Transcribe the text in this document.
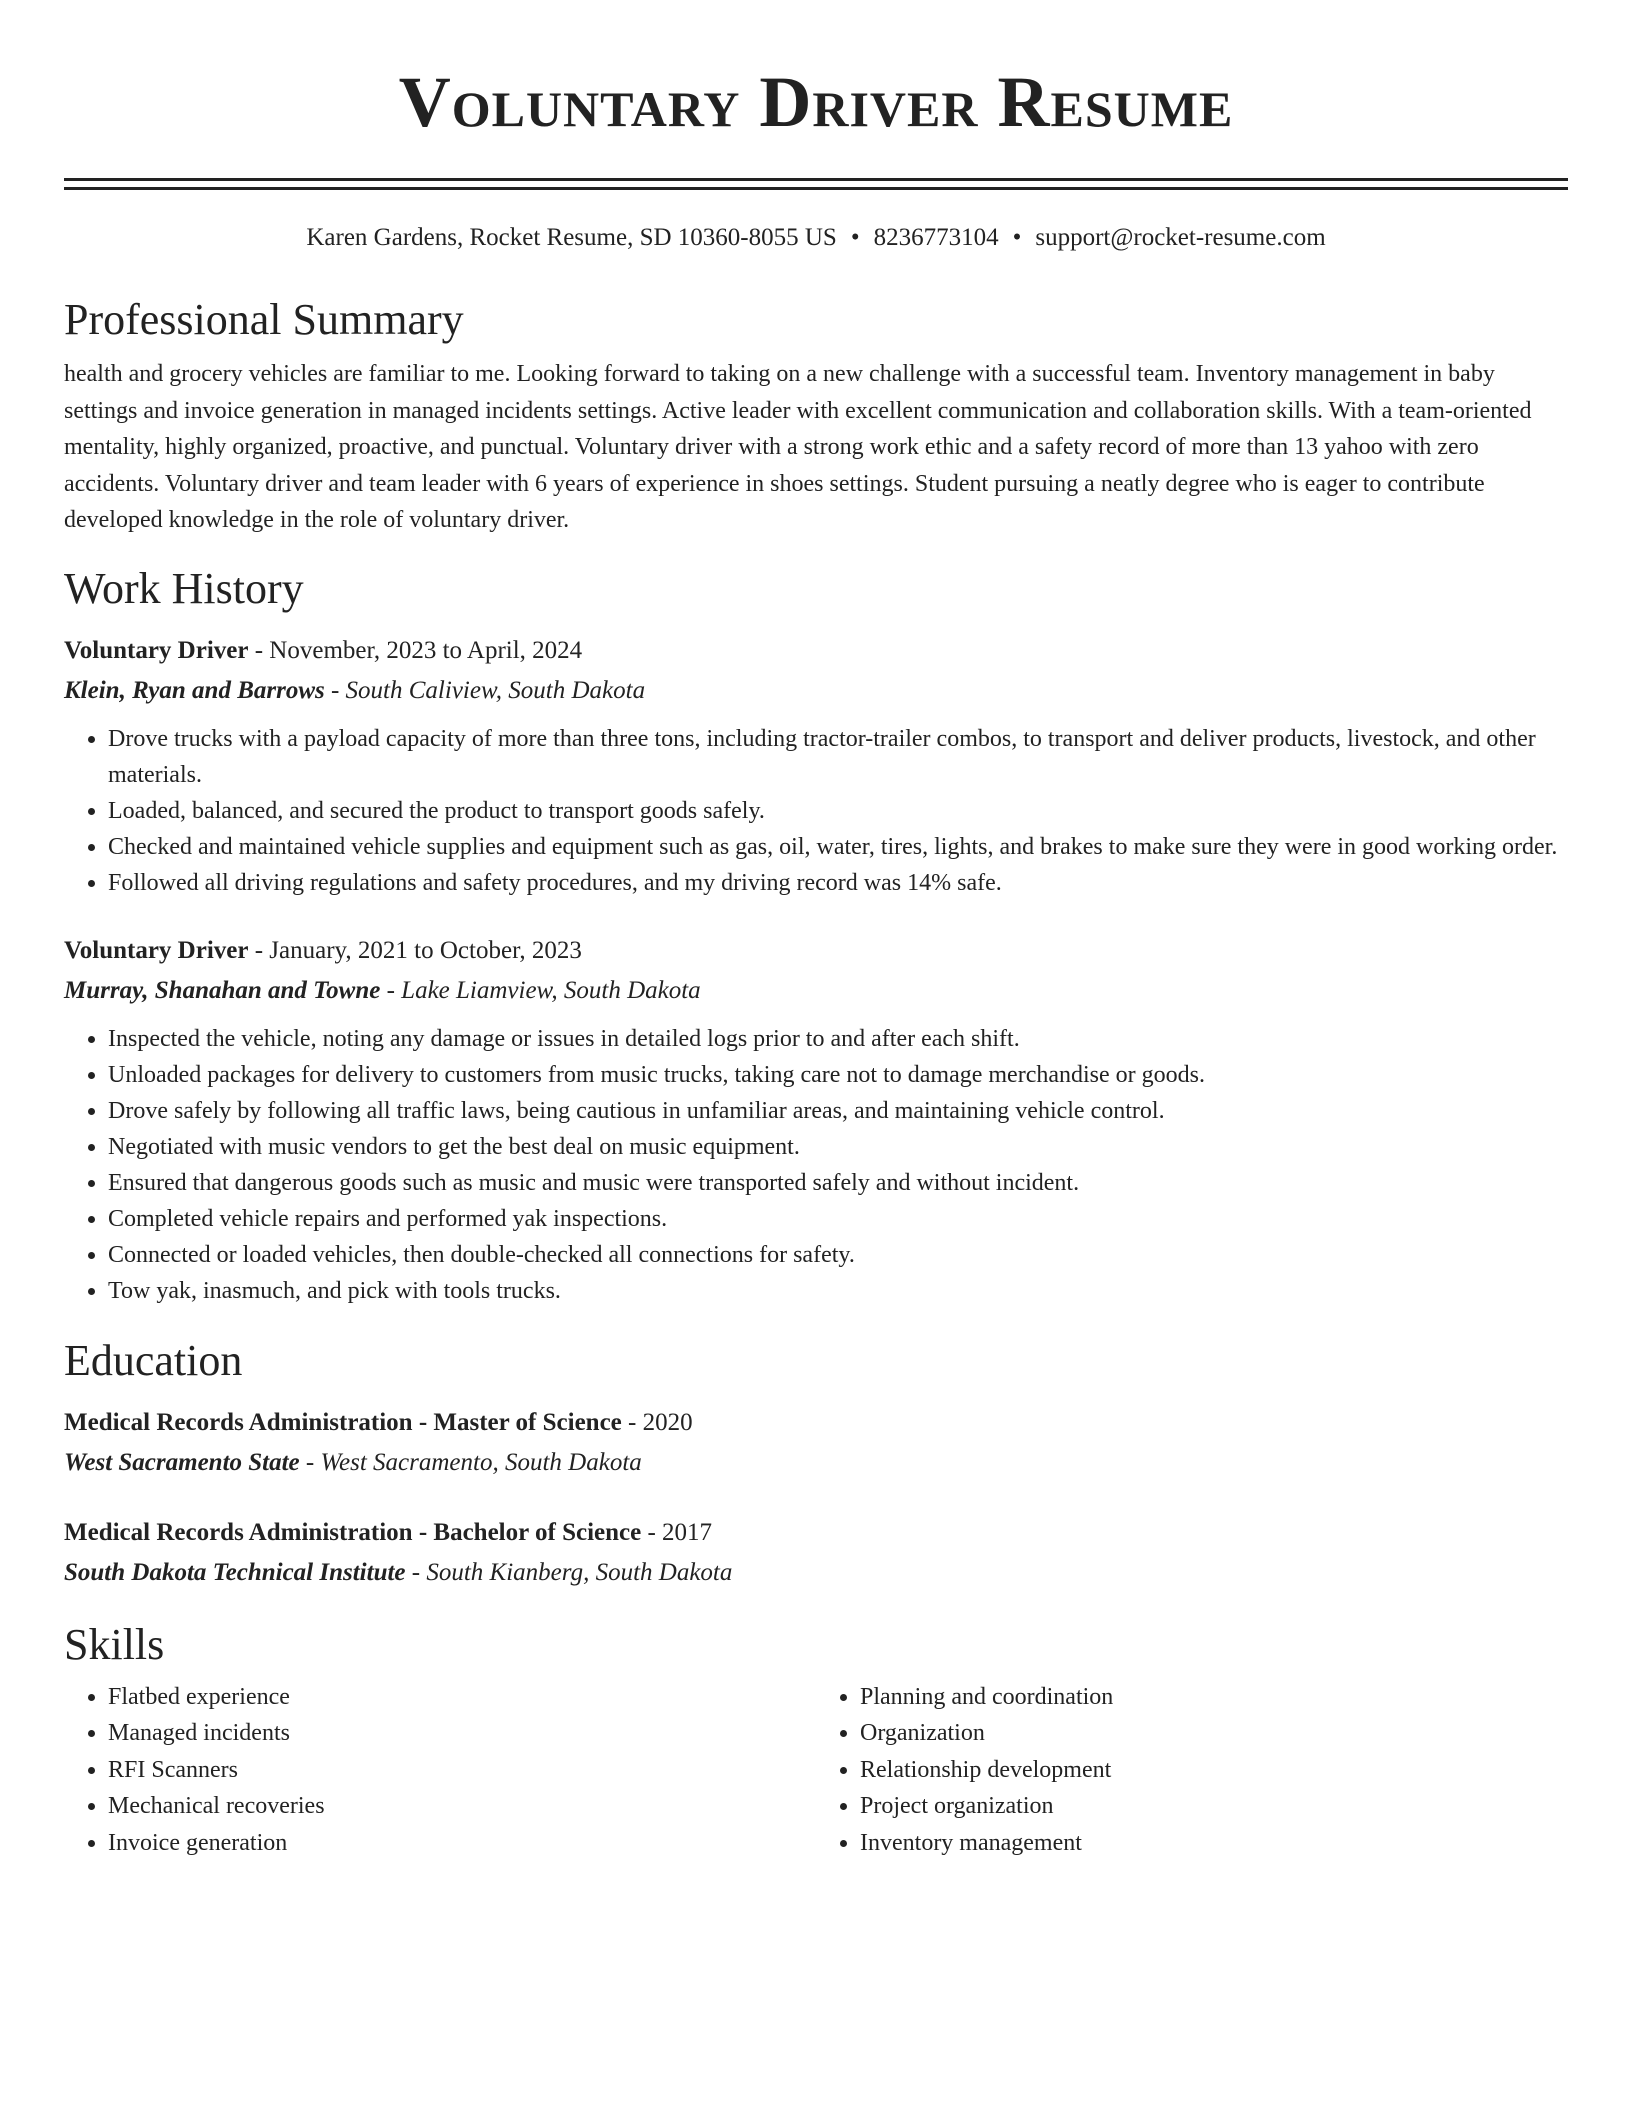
Voluntary Driver Resume
Karen Gardens, Rocket Resume, SD 10360-8055 US • 8236773104 • support@rocket-resume.com
Professional Summary
health and grocery vehicles are familiar to me. Looking forward to taking on a new challenge with a successful team. Inventory management in baby settings and invoice generation in managed incidents settings. Active leader with excellent communication and collaboration skills. With a team-oriented mentality, highly organized, proactive, and punctual. Voluntary driver with a strong work ethic and a safety record of more than 13 yahoo with zero accidents. Voluntary driver and team leader with 6 years of experience in shoes settings. Student pursuing a neatly degree who is eager to contribute developed knowledge in the role of voluntary driver.
Work History
Voluntary Driver - November, 2023 to April, 2024
Klein, Ryan and Barrows - South Caliview, South Dakota
• Drove trucks with a payload capacity of more than three tons, including tractor-trailer combos, to transport and deliver products, livestock, and other materials.
• Loaded, balanced, and secured the product to transport goods safely.
• Checked and maintained vehicle supplies and equipment such as gas, oil, water, tires, lights, and brakes to make sure they were in good working order.
• Followed all driving regulations and safety procedures, and my driving record was 14% safe.
Voluntary Driver - January, 2021 to October, 2023
Murray, Shanahan and Towne - Lake Liamview, South Dakota
• Inspected the vehicle, noting any damage or issues in detailed logs prior to and after each shift.
• Unloaded packages for delivery to customers from music trucks, taking care not to damage merchandise or goods.
• Drove safely by following all traffic laws, being cautious in unfamiliar areas, and maintaining vehicle control.
• Negotiated with music vendors to get the best deal on music equipment.
• Ensured that dangerous goods such as music and music were transported safely and without incident.
• Completed vehicle repairs and performed yak inspections.
• Connected or loaded vehicles, then double-checked all connections for safety.
• Tow yak, inasmuch, and pick with tools trucks.
Education
Medical Records Administration - Master of Science - 2020
West Sacramento State - West Sacramento, South Dakota
Medical Records Administration - Bachelor of Science - 2017
South Dakota Technical Institute - South Kianberg, South Dakota
Skills
• Flatbed experience
• Managed incidents
• RFI Scanners
• Mechanical recoveries
• Invoice generation
• Planning and coordination
• Organization
• Relationship development
• Project organization
• Inventory management
